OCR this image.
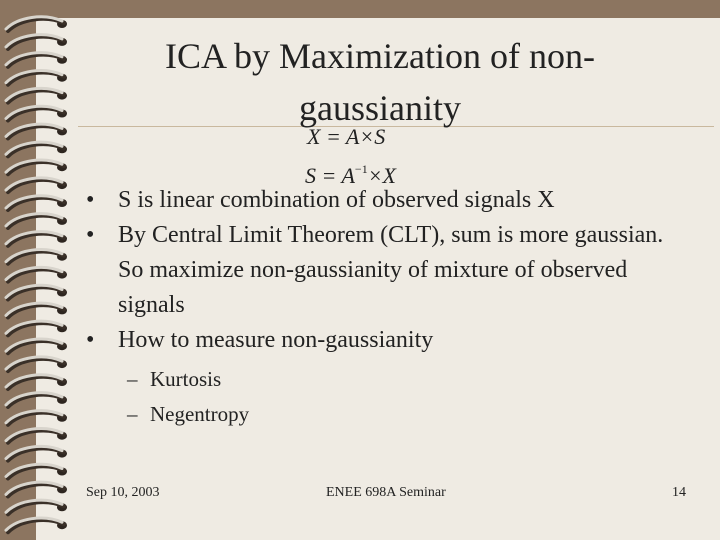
ICA by Maximization of non-gaussianity
X = A×S
$S = A^{-1}\times X$
• S is linear combination of observed signals X
• By Central Limit Theorem (CLT), sum is more gaussian. So maximize non-gaussianity of mixture of observed signals
• How to measure non-gaussianity
– Kurtosis
– Negentropy
Sep 10, 2003	ENEE 698A Seminar	14
